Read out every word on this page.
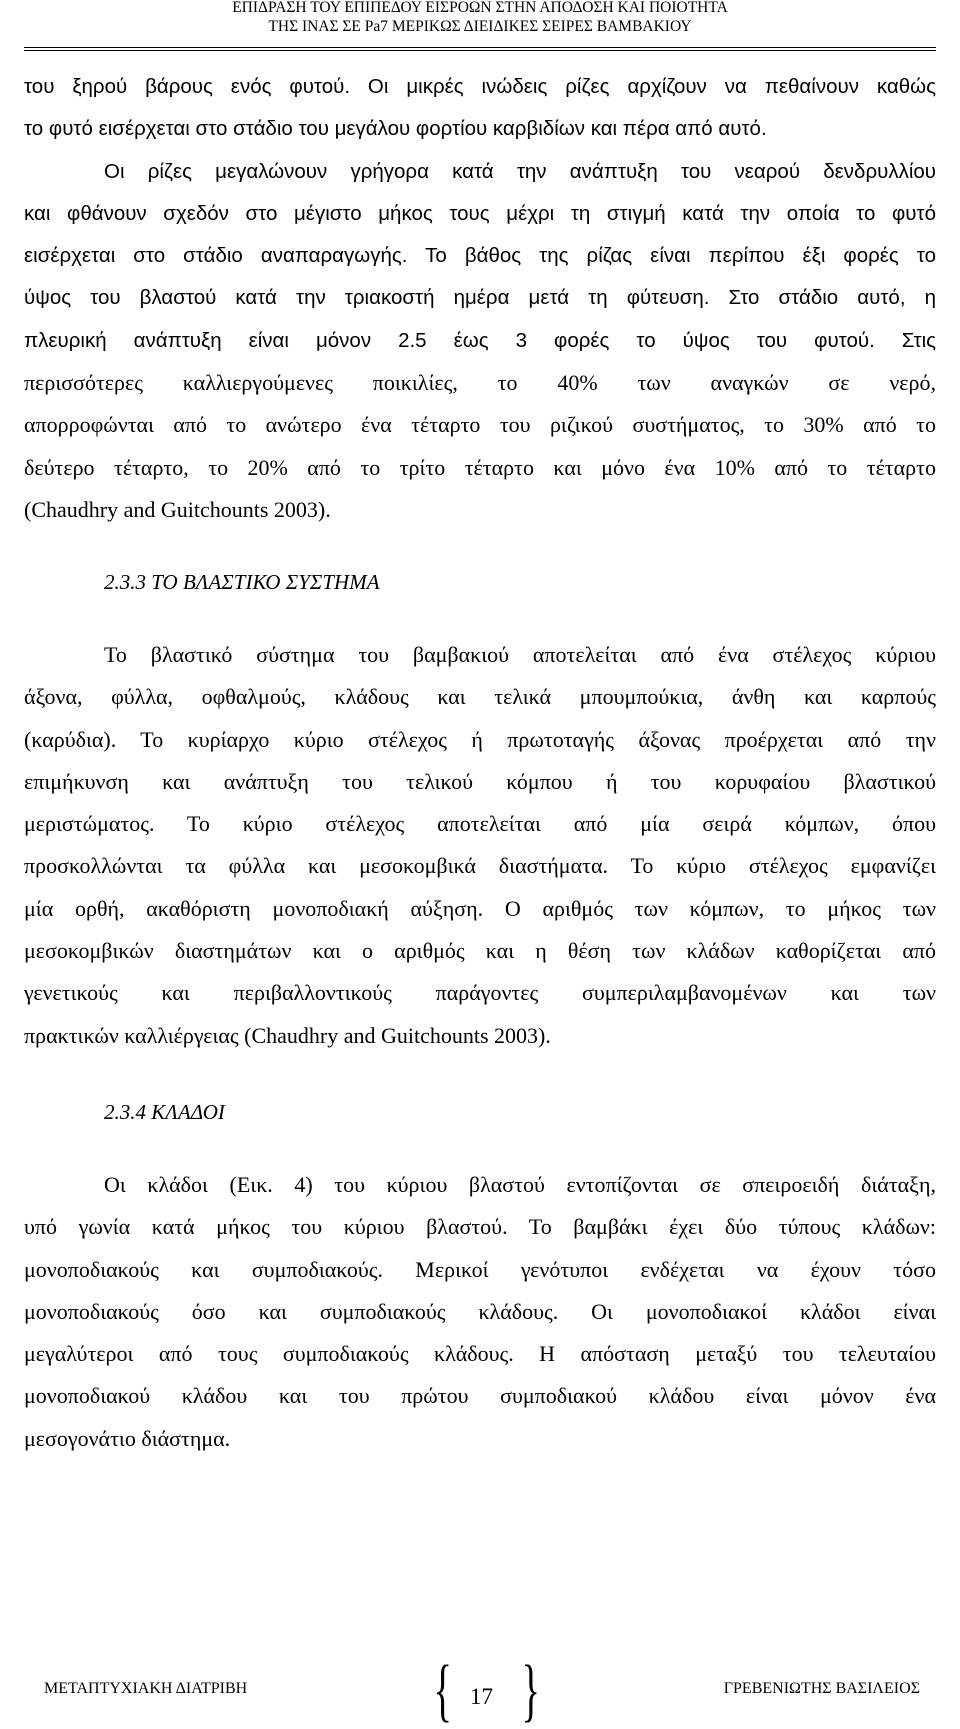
ΕΠΙΔΡΑΣΗ ΤΟΥ ΕΠΙΠΕΔΟΥ ΕΙΣΡΟΩΝ ΣΤΗΝ ΑΠΟΔΟΣΗ ΚΑΙ ΠΟΙΟΤΗΤΑ
ΤΗΣ ΙΝΑΣ ΣΕ Pa7 ΜΕΡΙΚΩΣ ΔΙΕΙΔΙΚΕΣ ΣΕΙΡΕΣ ΒΑΜΒΑΚΙΟΥ

του ξηρού βάρους ενός φυτού. Οι μικρές ινώδεις ρίζες αρχίζουν να πεθαίνουν καθώς
το φυτό εισέρχεται στο στάδιο του μεγάλου φορτίου καρβιδίων και πέρα από αυτό.
Οι ρίζες μεγαλώνουν γρήγορα κατά την ανάπτυξη του νεαρού δενδρυλλίου
και φθάνουν σχεδόν στο μέγιστο μήκος τους μέχρι τη στιγμή κατά την οποία το φυτό
εισέρχεται στο στάδιο αναπαραγωγής. Το βάθος της ρίζας είναι περίπου έξι φορές το
ύψος του βλαστού κατά την τριακοστή ημέρα μετά τη φύτευση. Στο στάδιο αυτό, η
πλευρική ανάπτυξη είναι μόνον 2.5 έως 3 φορές το ύψος του φυτού. Στις
περισσότερες καλλιεργούμενες ποικιλίες, το 40% των αναγκών σε νερό,
απορροφώνται από το ανώτερο ένα τέταρτο του ριζικού συστήματος, το 30% από το
δεύτερο τέταρτο, το 20% από το τρίτο τέταρτο και μόνο ένα 10% από το τέταρτο
(Chaudhry and Guitchounts 2003).

2.3.3 ΤΟ ΒΛΑΣΤΙΚΟ ΣΥΣΤΗΜΑ

Το βλαστικό σύστημα του βαμβακιού αποτελείται από ένα στέλεχος κύριου
άξονα, φύλλα, οφθαλμούς, κλάδους και τελικά μπουμπούκια, άνθη και καρπούς
(καρύδια). Το κυρίαρχο κύριο στέλεχος ή πρωτοταγής άξονας προέρχεται από την
επιμήκυνση και ανάπτυξη του τελικού κόμπου ή του κορυφαίου βλαστικού
μεριστώματος. Το κύριο στέλεχος αποτελείται από μία σειρά κόμπων, όπου
προσκολλώνται τα φύλλα και μεσοκομβικά διαστήματα. Το κύριο στέλεχος εμφανίζει
μία ορθή, ακαθόριστη μονοποδιακή αύξηση. Ο αριθμός των κόμπων, το μήκος των
μεσοκομβικών διαστημάτων και ο αριθμός και η θέση των κλάδων καθορίζεται από
γενετικούς και περιβαλλοντικούς παράγοντες συμπεριλαμβανομένων και των
πρακτικών καλλιέργειας (Chaudhry and Guitchounts 2003).

2.3.4 ΚΛΑΔΟΙ

Οι κλάδοι (Εικ. 4) του κύριου βλαστού εντοπίζονται σε σπειροειδή διάταξη,
υπό γωνία κατά μήκος του κύριου βλαστού. Το βαμβάκι έχει δύο τύπους κλάδων:
μονοποδιακούς και συμποδιακούς. Μερικοί γενότυποι ενδέχεται να έχουν τόσο
μονοποδιακούς όσο και συμποδιακούς κλάδους. Οι μονοποδιακοί κλάδοι είναι
μεγαλύτεροι από τους συμποδιακούς κλάδους. Η απόσταση μεταξύ του τελευταίου
μονοποδιακού κλάδου και του πρώτου συμποδιακού κλάδου είναι μόνον ένα
μεσογονάτιο διάστημα.

ΜΕΤΑΠΤΥΧΙΑΚΗ ΔΙΑΤΡΙΒΗ	{ 17 }	ΓΡΕΒΕΝΙΩΤΗΣ ΒΑΣΙΛΕΙΟΣ
